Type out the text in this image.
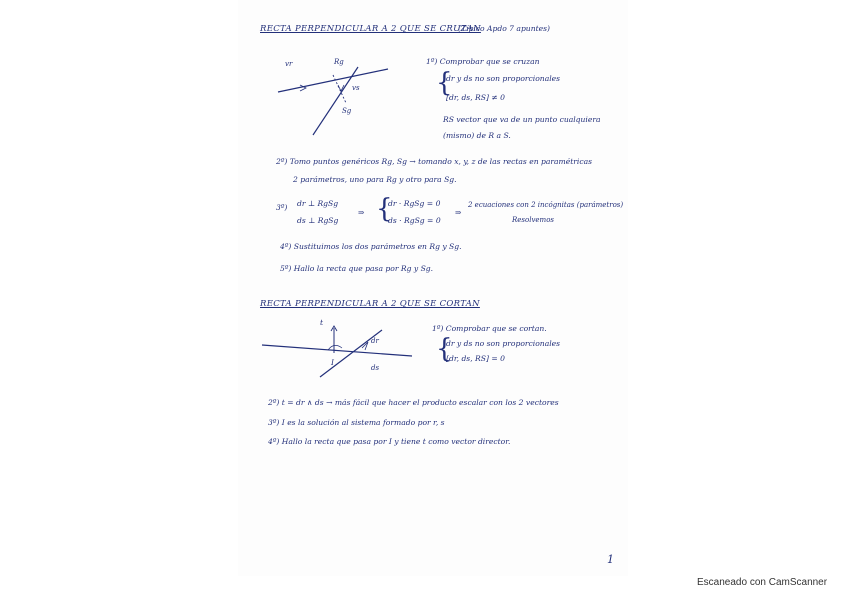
RECTA PERPENDICULAR A 2 QUE SE CRUZAN
(Típico Apdo 7 apuntes)
vr	Rg
vs
Sg
1º) Comprobar que se cruzan
{
dr y ds no son proporcionales
[dr, ds, RS] ≠ 0
RS vector que va de un punto cualquiera
(mismo) de R a S.
2º) Tomo puntos genéricos Rg, Sg → tomando x, y, z de las rectas en paramétricas
2 parámetros, uno para Rg y otro para Sg.
3º) dr ⊥ RgSg
ds ⊥ RgSg
⇒ {
dr · RgSg = 0
ds · RgSg = 0
⇒
2 ecuaciones con 2 incógnitas (parámetros)
Resolvemos
4º) Sustituimos los dos parámetros en Rg y Sg.
5º) Hallo la recta que pasa por Rg y Sg.
RECTA PERPENDICULAR A 2 QUE SE CORTAN
t
dr
I
ds
1º) Comprobar que se cortan.
{
dr y ds no son proporcionales
[dr, ds, RS] = 0
2º) t = dr ∧ ds → más fácil que hacer el producto escalar con los 2 vectores
3º) I es la solución al sistema formado por r, s
4º) Hallo la recta que pasa por I y tiene t como vector director.
1
Escaneado con CamScanner
